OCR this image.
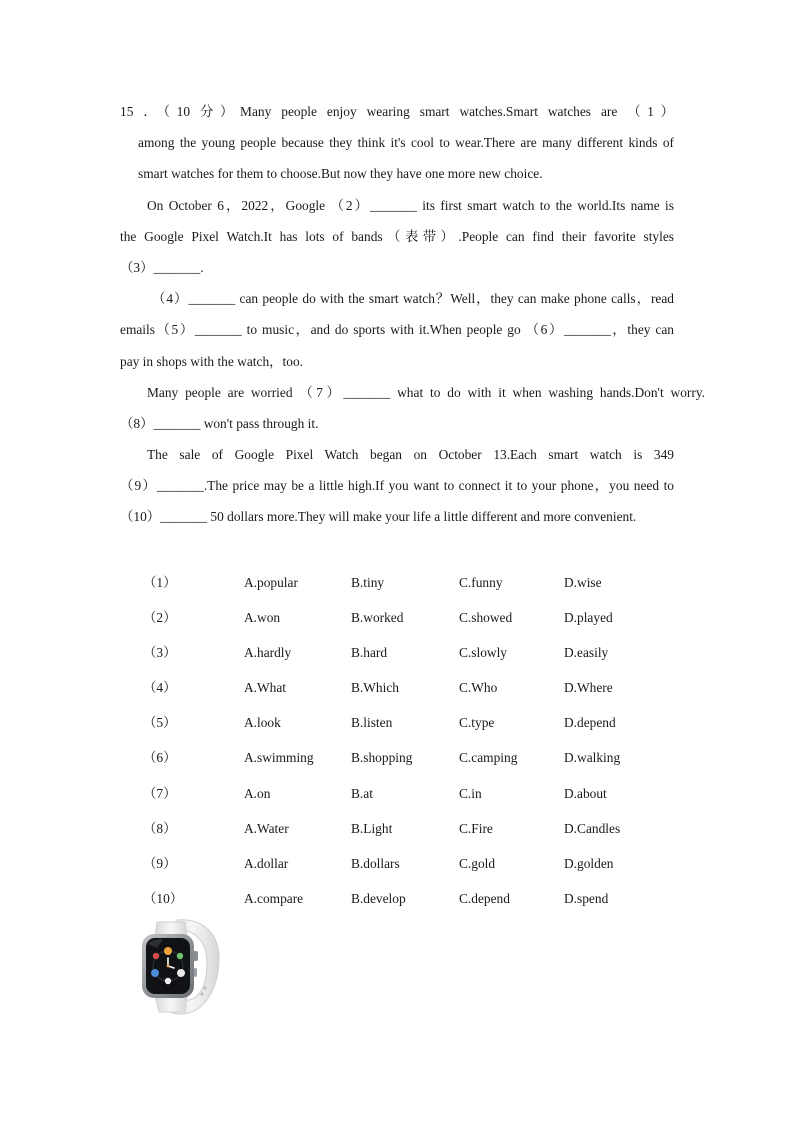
15 ．（10 分）Many people enjoy wearing smart watches.Smart watches are （1）
among the young people because they think it's cool to wear.There are many different kinds of
smart watches for them to choose.But now they have one more new choice.
On October 6，2022，Google （2）_______ its first smart watch to the world.Its name is
the Google Pixel Watch.It has lots of bands（表带）.People can find their favorite styles
（3）_______.
（4）_______ can people do with the smart watch？Well，they can make phone calls，read
emails（5）_______ to music，and do sports with it.When people go （6）_______，they can
pay in shops with the watch，too.
Many people are worried （7）_______ what to do with it when washing hands.Don't worry.
（8）_______ won't pass through it.
The sale of Google Pixel Watch began on October 13.Each smart watch is 349
（9）_______.The price may be a little high.If you want to connect it to your phone，you need to
（10）_______ 50 dollars more.They will make your life a little different and more convenient.
（1）	A.popular	B.tiny	C.funny	D.wise
（2）	A.won	B.worked	C.showed	D.played
（3）	A.hardly	B.hard	C.slowly	D.easily
（4）	A.What	B.Which	C.Who	D.Where
（5）	A.look	B.listen	C.type	D.depend
（6）	A.swimming	B.shopping	C.camping	D.walking
（7）	A.on	B.at	C.in	D.about
（8）	A.Water	B.Light	C.Fire	D.Candles
（9）	A.dollar	B.dollars	C.gold	D.golden
（10）	A.compare	B.develop	C.depend	D.spend
